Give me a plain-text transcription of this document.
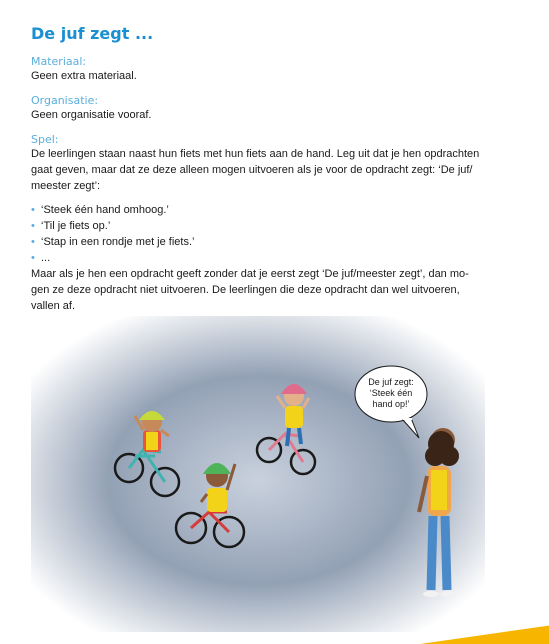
De juf zegt ...
Materiaal:
Geen extra materiaal.
Organisatie:
Geen organisatie vooraf.
Spel:
De leerlingen staan naast hun fiets met hun fiets aan de hand. Leg uit dat je hen opdrachten
gaat geven, maar dat ze deze alleen mogen uitvoeren als je voor de opdracht zegt: ‘De juf/
meester zegt’:
• ‘Steek één hand omhoog.’
• ‘Til je fiets op.’
• ‘Stap in een rondje met je fiets.’
• ...
Maar als je hen een opdracht geeft zonder dat je eerst zegt ‘De juf/meester zegt’, dan mo-
gen ze deze opdracht niet uitvoeren. De leerlingen die deze opdracht dan wel uitvoeren,
vallen af.
De juf zegt:
‘Steek één
hand op!’
